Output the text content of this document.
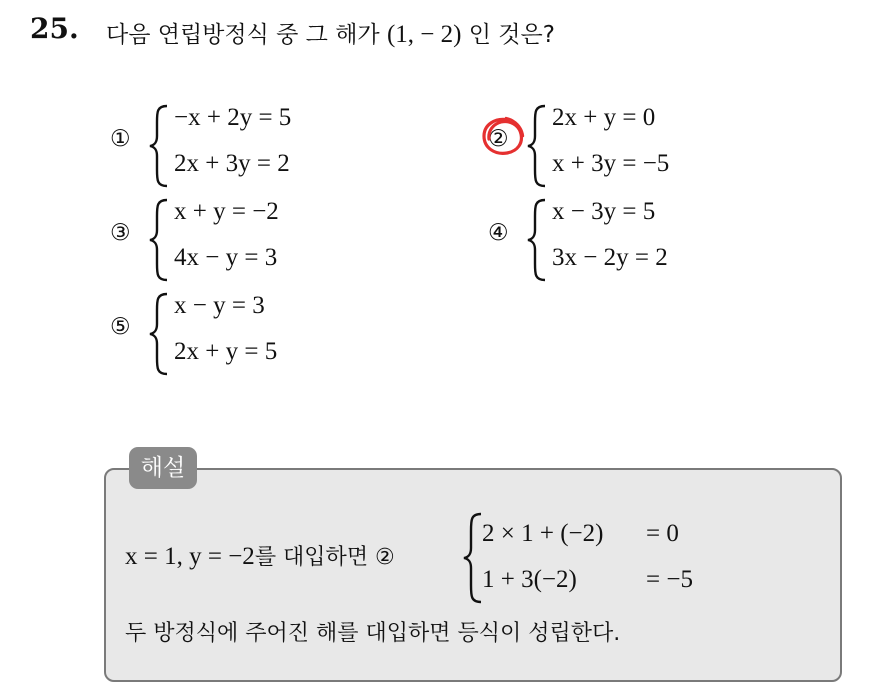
25. 다음 연립방정식 중 그 해가 (1, − 2) 인 것은?
①
−x + 2y = 5
2x + 3y = 2
②
2x + y = 0
x + 3y = −5
③
x + y = −2
4x − y = 3
④
x − 3y = 5
3x − 2y = 2
⑤
x − y = 3
2x + y = 5
해설
x = 1, y = −2를 대입하면 ②
2 × 1 + (−2) = 0
1 + 3(−2)	= −5
두 방정식에 주어진 해를 대입하면 등식이 성립한다.
